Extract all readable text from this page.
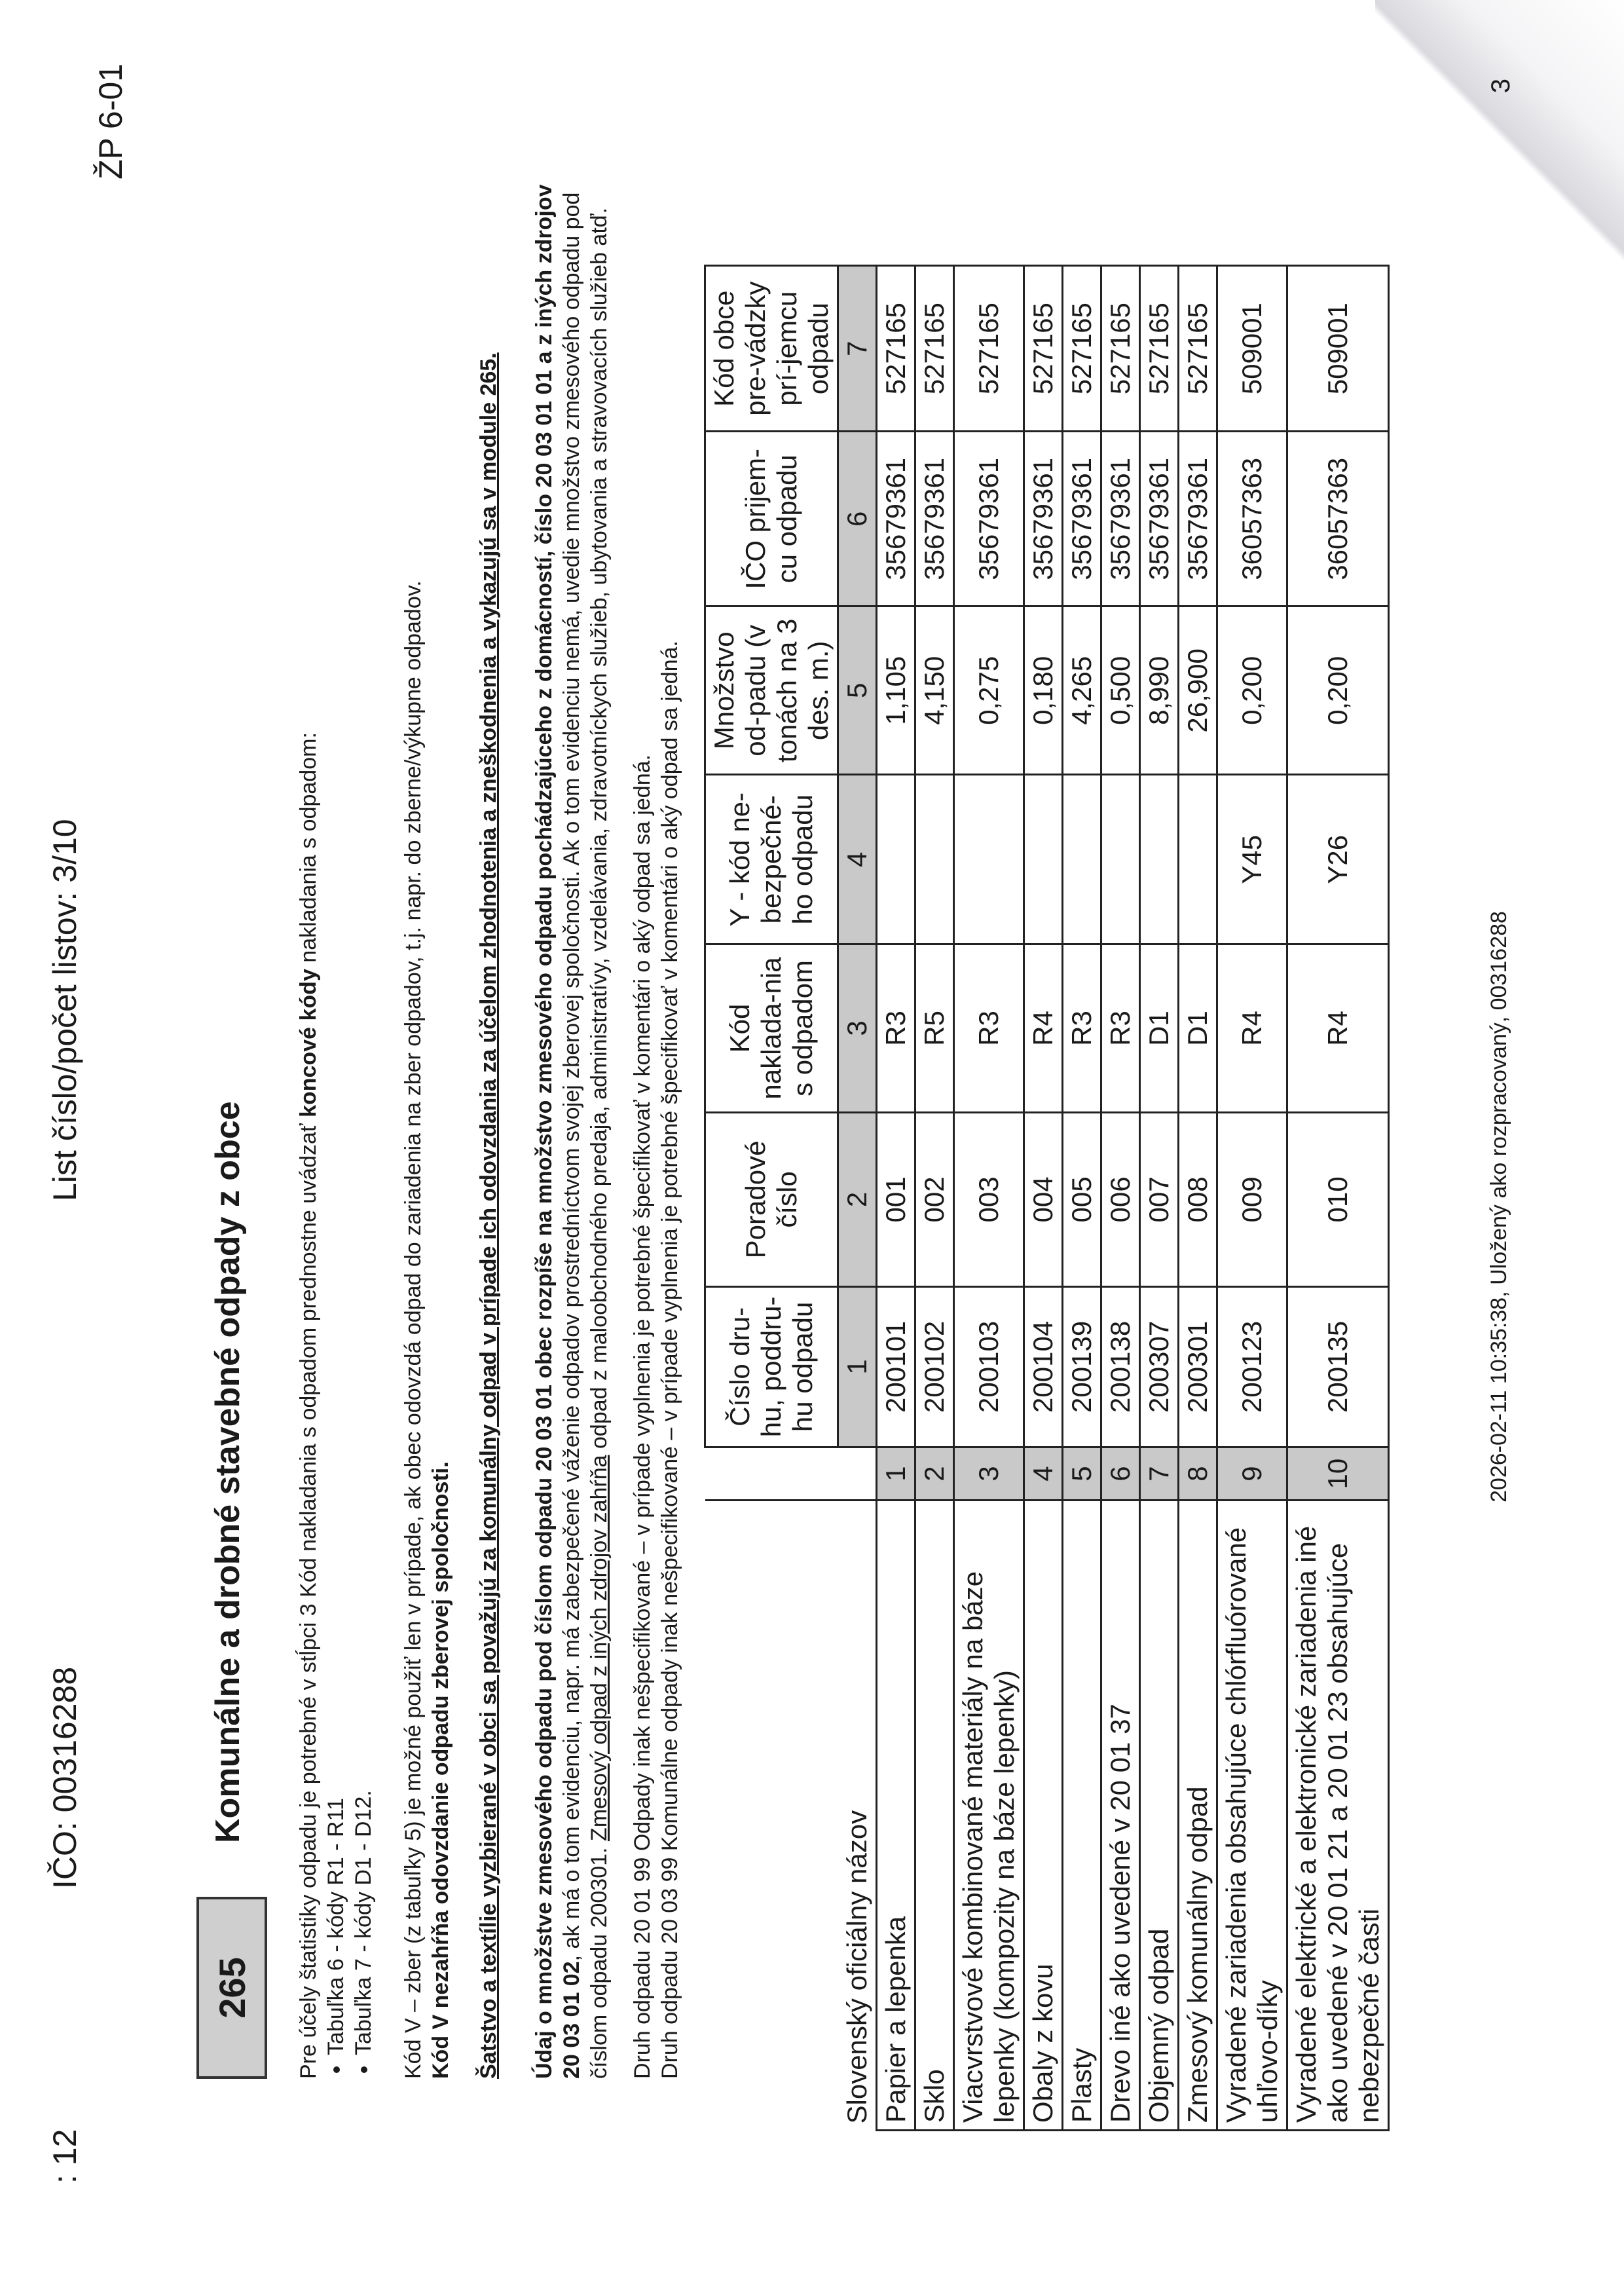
: 12
IČO: 00316288
List číslo/počet listov: 3/10
ŽP 6-01
265
Komunálne a drobné stavebné odpady z obce Pre účely štatistiky odpadu je potrebné v stĺpci 3 Kód nakladania s odpadom prednostne uvádzať koncové kódy nakladania s odpadom:
• Tabuľka 6 - kódy R1 - R11 • Tabuľka 7 - kódy D1 - D12. Kód V – zber (z tabuľky 5) je možné použiť len v prípade, ak obec odovzdá odpad do zariadenia na zber odpadov, t.j. napr. do zberne/výkupne odpadov. Kód V nezahŕňa odovzdanie odpadu zberovej spoločnosti. Šatstvo a textílie vyzbierané v obci sa považujú za komunálny odpad v prípade ich odovzdania za účelom zhodnotenia a zneškodnenia a vykazujú sa v module 265. Údaj o množstve zmesového odpadu pod číslom odpadu 20 03 01 obec rozpíše na množstvo zmesového odpadu pochádzajúceho z domácností, číslo 20 03 01 01 a z iných zdrojov 20 03 01 02, ak má o tom evidenciu, napr. má zabezpečené váženie odpadov prostredníctvom svojej zberovej spoločnosti. Ak o tom evidenciu nemá, uvedie množstvo zmesového odpadu pod číslom odpadu 200301. Zmesový odpad z iných zdrojov zahŕňa odpad z maloobchodného predaja, administratívy, vzdelávania, zdravotníckych služieb, ubytovania a stravovacích služieb atď. Druh odpadu 20 01 99 Odpady inak nešpecifikované – v prípade vyplnenia je potrebné špecifikovať v komentári o aký odpad sa jedná. Druh odpadu 20 03 99 Komunálne odpady inak nešpecifikované – v prípade vyplnenia je potrebné špecifikovať v komentári o aký odpad sa jedná.	Slovenský oficiálny názov		Číslo dru-hu, poddru-hu odpadu	Poradové číslo	Kód naklada-nia s odpadom	Y - kód ne-bezpečné-ho odpadu	Množstvo od-padu (v tonách na 3 des. m.)	IČO prijem-cu odpadu	Kód obce pre-vádzky prí-jemcu odpadu
		1	2	3	4	5	6	7
Papier a lepenka	1	200101	001	R3		1,105	35679361	527165
Sklo	2	200102	002	R5		4,150	35679361	527165
Viacvrstvové kombinované materiály na báze lepenky (kompozity na báze lepenky)	3	200103	003	R3		0,275	35679361	527165
Obaly z kovu	4	200104	004	R4		0,180	35679361	527165
Plasty	5	200139	005	R3		4,265	35679361	527165
Drevo iné ako uvedené v 20 01 37	6	200138	006	R3		0,500	35679361	527165
Objemný odpad	7	200307	007	D1		8,990	35679361	527165
Zmesový komunálny odpad	8	200301	008	D1		26,900	35679361	527165
Vyradené zariadenia obsahujúce chlórfluórované uhľovo-díky	9	200123	009	R4	Y45	0,200	36057363	509001
Vyradené elektrické a elektronické zariadenia iné ako uvedené v 20 01 21 a 20 01 23 obsahujúce nebezpečné časti	10	200135	010	R4	Y26	0,200	36057363	509001
2026-02-11 10:35:38, Uložený ako rozpracovaný, 00316288
3
